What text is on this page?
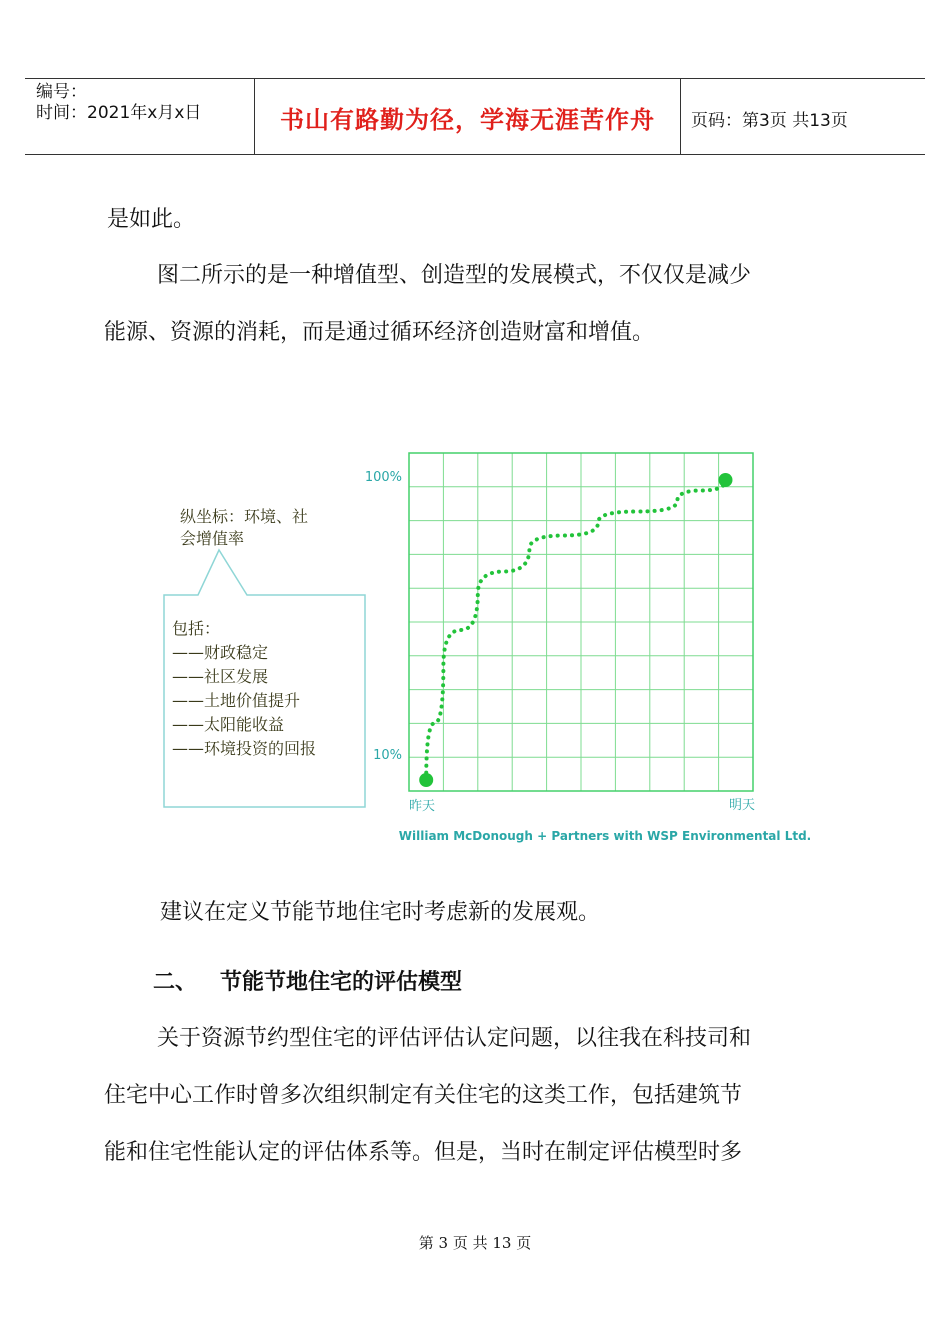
编号：
时间：2021年x月x日	书山有路勤为径，学海无涯苦作舟	页码：第3页 共13页
是如此。
图二所示的是一种增值型、创造型的发展模式，不仅仅是减少
能源、资源的消耗，而是通过循环经济创造财富和增值。
100%
10%
昨天	明天
William McDonough + Partners with WSP Environmental Ltd.
纵坐标：环境、社
会增值率
包括：
——财政稳定
——社区发展
——土地价值提升
——太阳能收益
——环境投资的回报
建议在定义节能节地住宅时考虑新的发展观。
二、   节能节地住宅的评估模型
关于资源节约型住宅的评估评估认定问题，以往我在科技司和
住宅中心工作时曾多次组织制定有关住宅的这类工作，包括建筑节
能和住宅性能认定的评估体系等。但是，当时在制定评估模型时多
第 3 页 共 13 页
